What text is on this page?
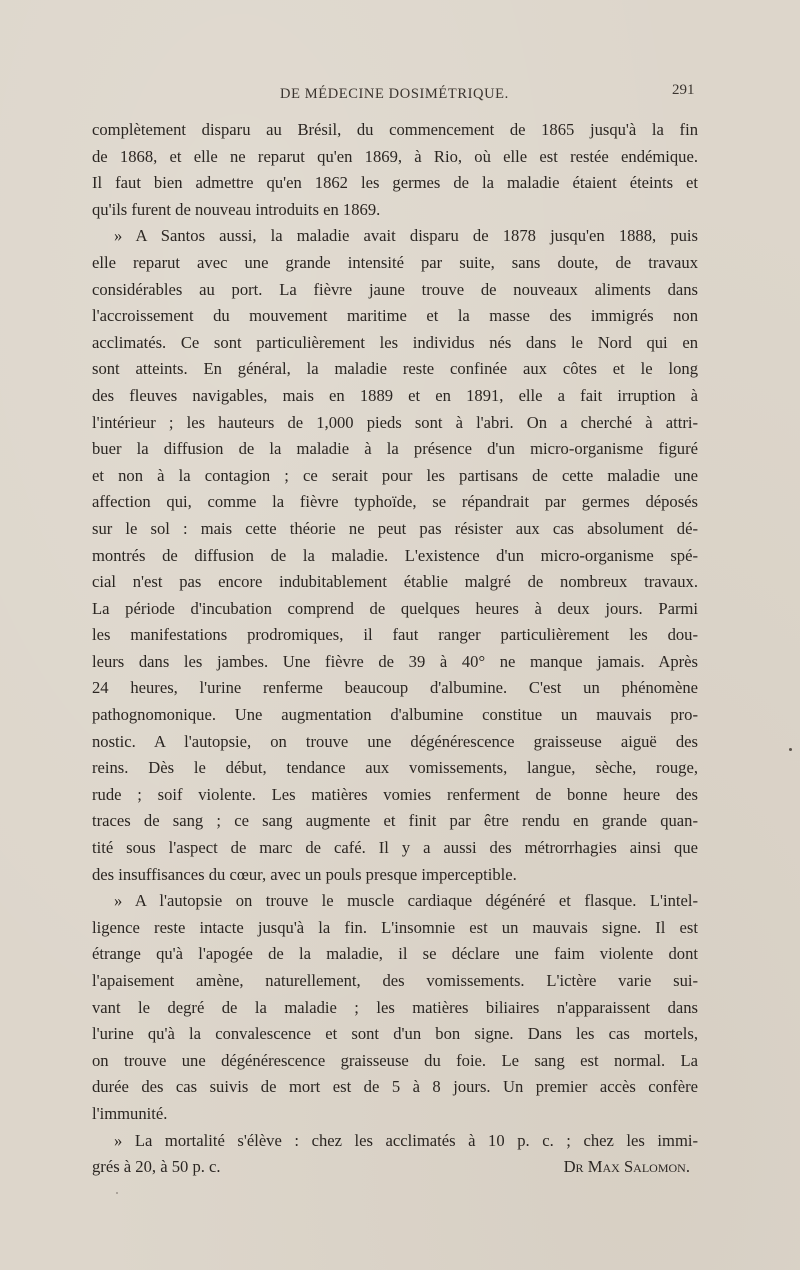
DE MÉDECINE DOSIMÉTRIQUE.	291
complètement disparu au Brésil, du commencement de 1865 jusqu'à la fin
de 1868, et elle ne reparut qu'en 1869, à Rio, où elle est restée endémique.
Il faut bien admettre qu'en 1862 les germes de la maladie étaient éteints et
qu'ils furent de nouveau introduits en 1869.
» A Santos aussi, la maladie avait disparu de 1878 jusqu'en 1888, puis
elle reparut avec une grande intensité par suite, sans doute, de travaux
considérables au port. La fièvre jaune trouve de nouveaux aliments dans
l'accroissement du mouvement maritime et la masse des immigrés non
acclimatés. Ce sont particulièrement les individus nés dans le Nord qui en
sont atteints. En général, la maladie reste confinée aux côtes et le long
des fleuves navigables, mais en 1889 et en 1891, elle a fait irruption à
l'intérieur ; les hauteurs de 1,000 pieds sont à l'abri. On a cherché à attri-
buer la diffusion de la maladie à la présence d'un micro-organisme figuré
et non à la contagion ; ce serait pour les partisans de cette maladie une
affection qui, comme la fièvre typhoïde, se répandrait par germes déposés
sur le sol : mais cette théorie ne peut pas résister aux cas absolument dé-
montrés de diffusion de la maladie. L'existence d'un micro-organisme spé-
cial n'est pas encore indubitablement établie malgré de nombreux travaux.
La période d'incubation comprend de quelques heures à deux jours. Parmi
les manifestations prodromiques, il faut ranger particulièrement les dou-
leurs dans les jambes. Une fièvre de 39 à 40° ne manque jamais. Après
24 heures, l'urine renferme beaucoup d'albumine. C'est un phénomène
pathognomonique. Une augmentation d'albumine constitue un mauvais pro-
nostic. A l'autopsie, on trouve une dégénérescence graisseuse aiguë des
reins. Dès le début, tendance aux vomissements, langue, sèche, rouge,
rude ; soif violente. Les matières vomies renferment de bonne heure des
traces de sang ; ce sang augmente et finit par être rendu en grande quan-
tité sous l'aspect de marc de café. Il y a aussi des métrorrhagies ainsi que
des insuffisances du cœur, avec un pouls presque imperceptible.
» A l'autopsie on trouve le muscle cardiaque dégénéré et flasque. L'intel-
ligence reste intacte jusqu'à la fin. L'insomnie est un mauvais signe. Il est
étrange qu'à l'apogée de la maladie, il se déclare une faim violente dont
l'apaisement amène, naturellement, des vomissements. L'ictère varie sui-
vant le degré de la maladie ; les matières biliaires n'apparaissent dans
l'urine qu'à la convalescence et sont d'un bon signe. Dans les cas mortels,
on trouve une dégénérescence graisseuse du foie. Le sang est normal. La
durée des cas suivis de mort est de 5 à 8 jours. Un premier accès confère
l'immunité.
» La mortalité s'élève : chez les acclimatés à 10 p. c. ; chez les immi-
grés à 20, à 50 p. c.	Dr Max Salomon.
